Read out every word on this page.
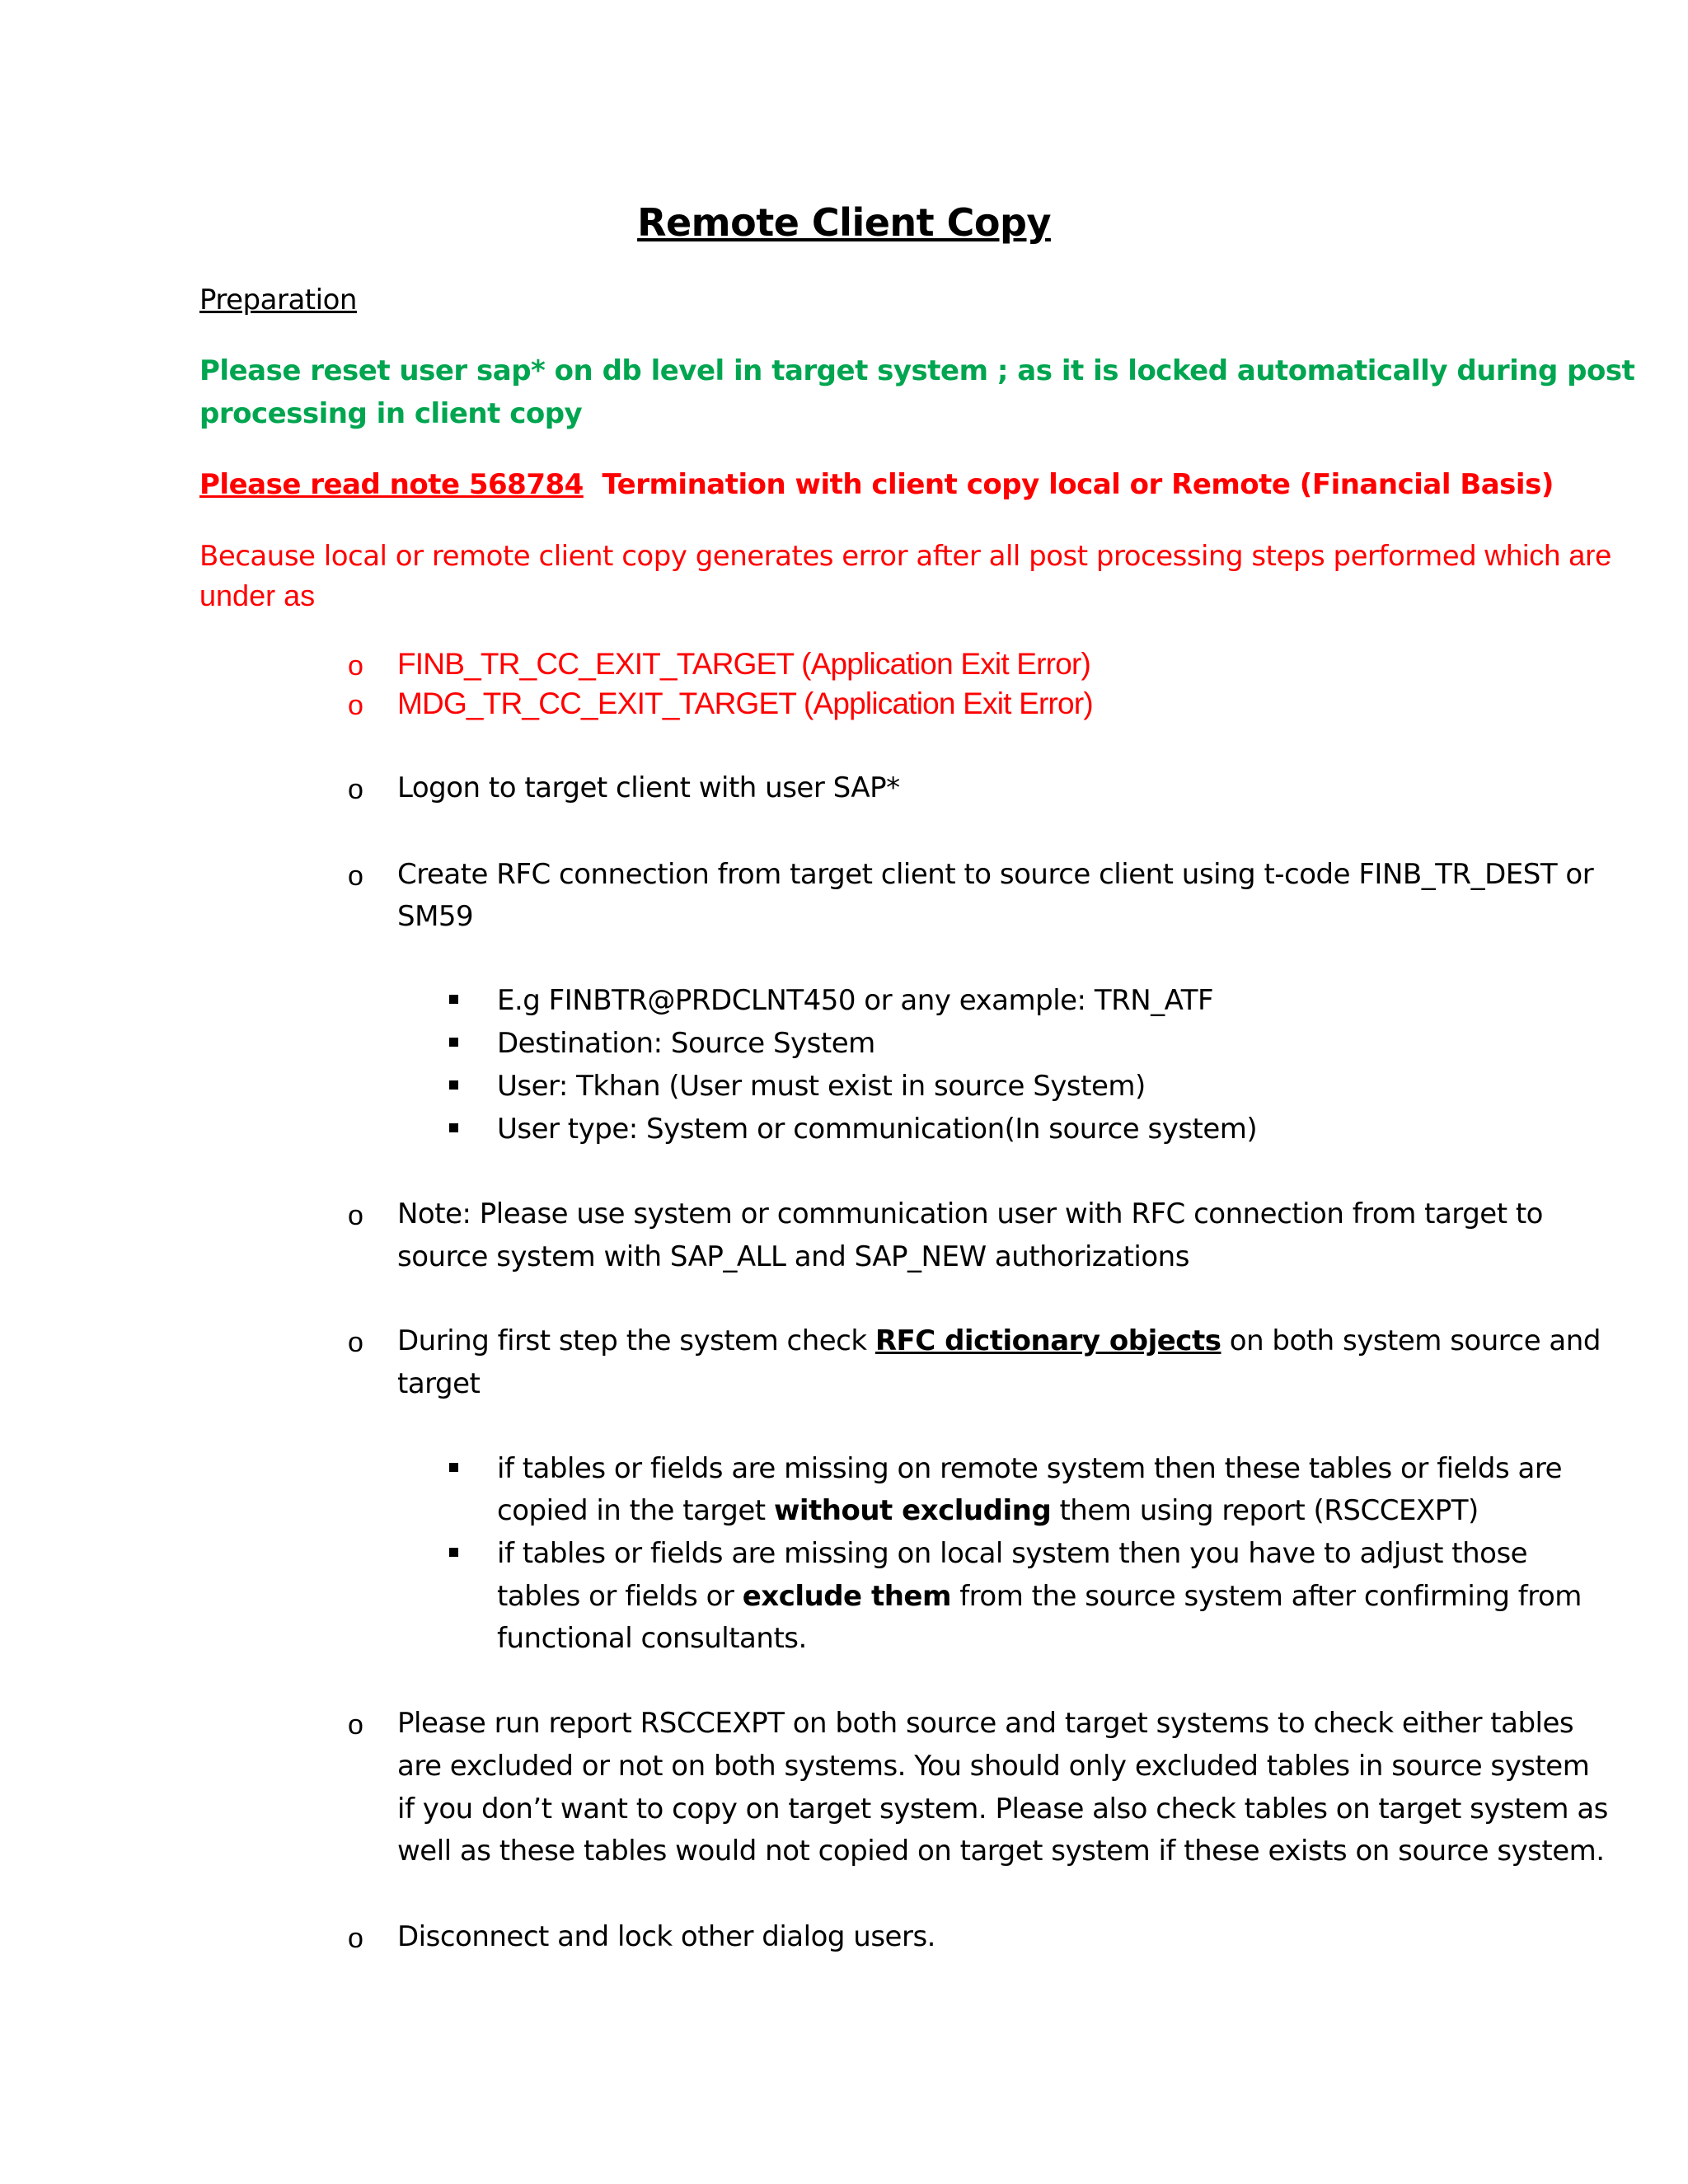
Remote Client Copy
Preparation
Please reset user sap* on db level in target system ; as it is locked automatically during post
processing in client copy
Please read note 568784 Termination with client copy local or Remote (Financial Basis)
Because local or remote client copy generates error after all post processing steps performed which are
under as
o FINB_TR_CC_EXIT_TARGET (Application Exit Error)
o MDG_TR_CC_EXIT_TARGET (Application Exit Error)
o Logon to target client with user SAP*
o Create RFC connection from target client to source client using t-code FINB_TR_DEST or
SM59
E.g FINBTR@PRDCLNT450 or any example: TRN_ATF
Destination: Source System
User: Tkhan (User must exist in source System)
User type: System or communication(In source system)
o Note: Please use system or communication user with RFC connection from target to
source system with SAP_ALL and SAP_NEW authorizations
o During first step the system check RFC dictionary objects on both system source and
target
if tables or fields are missing on remote system then these tables or fields are
copied in the target without excluding them using report (RSCCEXPT)
if tables or fields are missing on local system then you have to adjust those
tables or fields or exclude them from the source system after confirming from
functional consultants.
o Please run report RSCCEXPT on both source and target systems to check either tables
are excluded or not on both systems. You should only excluded tables in source system
if you don’t want to copy on target system. Please also check tables on target system as
well as these tables would not copied on target system if these exists on source system.
o Disconnect and lock other dialog users.
